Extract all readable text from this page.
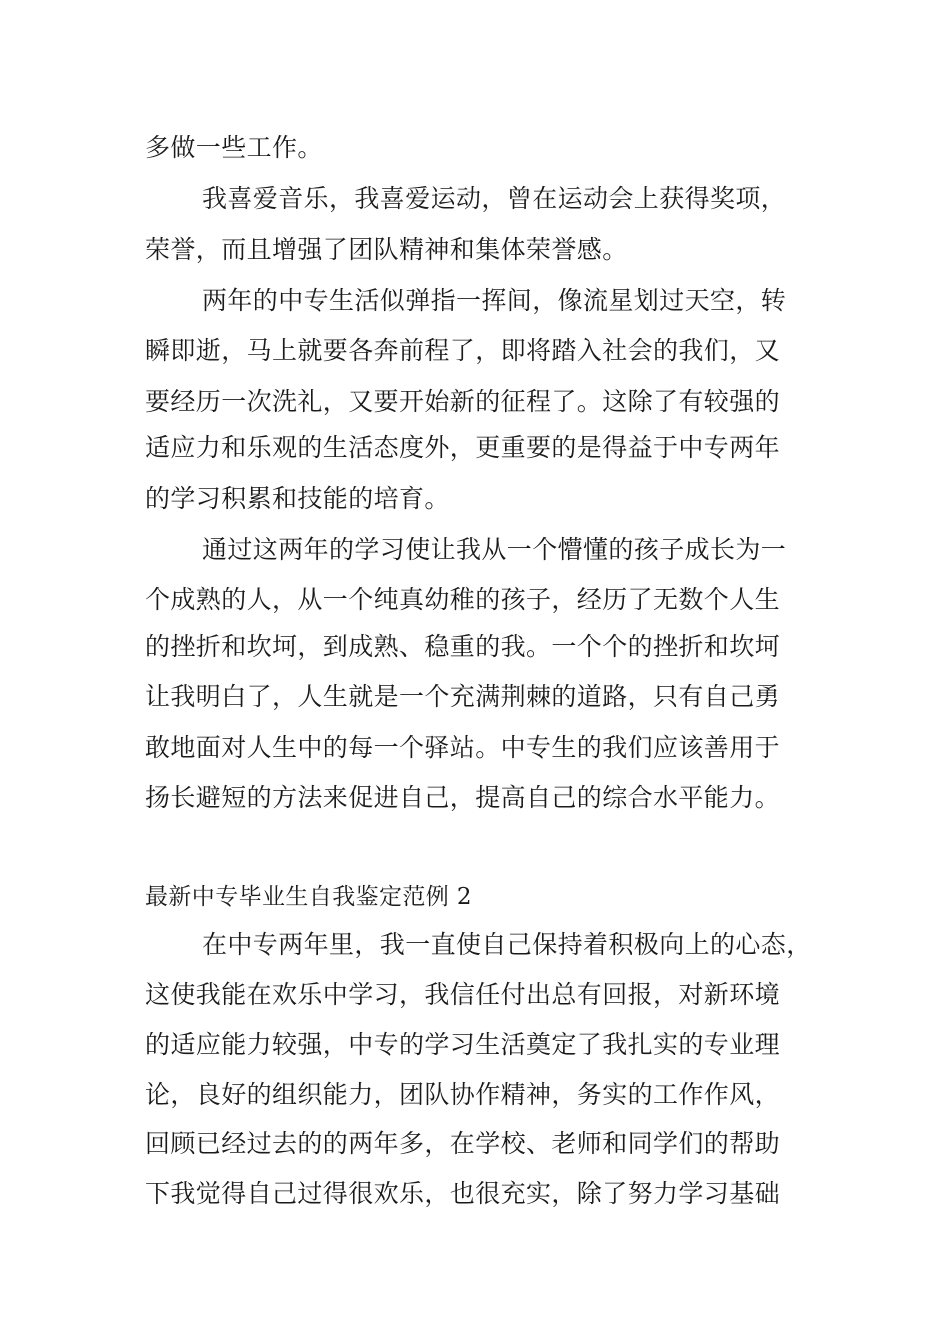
多做一些工作。
我喜爱音乐，我喜爱运动，曾在运动会上获得奖项，
荣誉，而且增强了团队精神和集体荣誉感。
两年的中专生活似弹指一挥间，像流星划过天空，转
瞬即逝，马上就要各奔前程了，即将踏入社会的我们，又
要经历一次洗礼，又要开始新的征程了。这除了有较强的
适应力和乐观的生活态度外，更重要的是得益于中专两年
的学习积累和技能的培育。
通过这两年的学习使让我从一个懵懂的孩子成长为一
个成熟的人，从一个纯真幼稚的孩子，经历了无数个人生
的挫折和坎坷，到成熟、稳重的我。一个个的挫折和坎坷
让我明白了，人生就是一个充满荆棘的道路，只有自己勇
敢地面对人生中的每一个驿站。中专生的我们应该善用于
扬长避短的方法来促进自己，提高自己的综合水平能力。
最新中专毕业生自我鉴定范例 2
在中专两年里，我一直使自己保持着积极向上的心态，
这使我能在欢乐中学习，我信任付出总有回报，对新环境
的适应能力较强，中专的学习生活奠定了我扎实的专业理
论，良好的组织能力，团队协作精神，务实的工作作风，
回顾已经过去的的两年多，在学校、老师和同学们的帮助
下我觉得自己过得很欢乐，也很充实，除了努力学习基础
